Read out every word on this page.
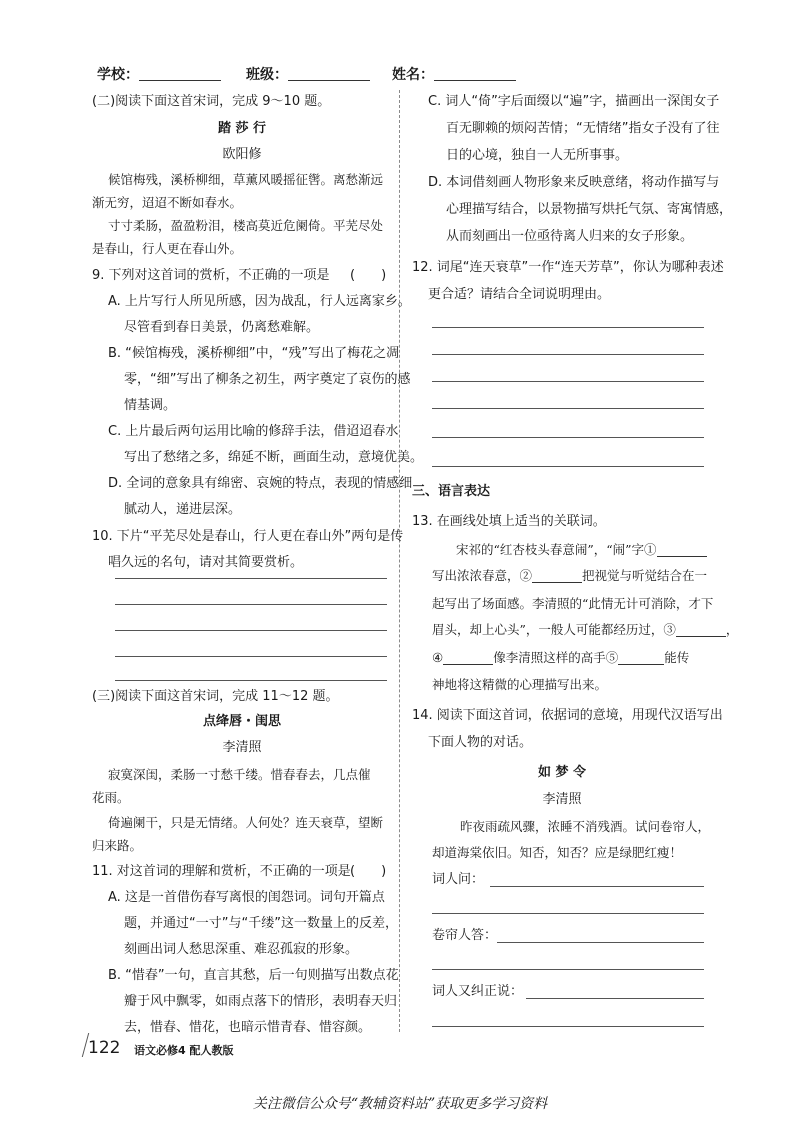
学校：	班级：	姓名：
(二)阅读下面这首宋词，完成 9～10 题。
踏 莎 行
欧阳修
候馆梅残，溪桥柳细，草薰风暖摇征辔。离愁渐远
渐无穷，迢迢不断如春水。
寸寸柔肠，盈盈粉泪，楼高莫近危阑倚。平芜尽处
是春山，行人更在春山外。
9. 下列对这首词的赏析，不正确的一项是 (　　)
A. 上片写行人所见所感，因为战乱，行人远离家乡。
尽管看到春日美景，仍离愁难解。
B. “候馆梅残，溪桥柳细”中，“残”写出了梅花之凋
零，“细”写出了柳条之初生，两字奠定了哀伤的感
情基调。
C. 上片最后两句运用比喻的修辞手法，借迢迢春水
写出了愁绪之多，绵延不断，画面生动，意境优美。
D. 全词的意象具有绵密、哀婉的特点，表现的情感细
腻动人，递进层深。
10. 下片“平芜尽处是春山，行人更在春山外”两句是传
唱久远的名句，请对其简要赏析。
(三)阅读下面这首宋词，完成 11～12 题。
点绛唇・闺思
李清照
寂寞深闺，柔肠一寸愁千缕。惜春春去，几点催
花雨。
倚遍阑干，只是无情绪。人何处？连天衰草，望断
归来路。
11. 对这首词的理解和赏析，不正确的一项是 (　　)
A. 这是一首借伤春写离恨的闺怨词。词句开篇点
题，并通过“一寸”与“千缕”这一数量上的反差，
刻画出词人愁思深重、难忍孤寂的形象。
B. “惜春”一句，直言其愁，后一句则描写出数点花
瓣于风中飘零，如雨点落下的情形，表明春天归
去，惜春、惜花，也暗示惜青春、惜容颜。
C. 词人“倚”字后面缀以“遍”字，描画出一深闺女子
百无聊赖的烦闷苦情；“无情绪”指女子没有了往
日的心境，独自一人无所事事。
D. 本词借刻画人物形象来反映意绪，将动作描写与
心理描写结合，以景物描写烘托气氛、寄寓情感，
从而刻画出一位亟待离人归来的女子形象。
12. 词尾“连天衰草”一作“连天芳草”，你认为哪种表述
更合适？请结合全词说明理由。
三、语言表达
13. 在画线处填上适当的关联词。
宋祁的“红杏枝头春意闹”，“闹”字①
写出浓浓春意，②	把视觉与听觉结合在一
起写出了场面感。李清照的“此情无计可消除，才下
眉头，却上心头”，一般人可能都经历过，③	，
④	像李清照这样的高手⑤	能传
神地将这精微的心理描写出来。
14. 阅读下面这首词，依据词的意境，用现代汉语写出
下面人物的对话。
如 梦 令
李清照
昨夜雨疏风骤，浓睡不消残酒。试问卷帘人，
却道海棠依旧。知否，知否？应是绿肥红瘦！
词人问：
卷帘人答：
词人又纠正说：
122 语文必修4 配人教版
关注微信公众号“教辅资料站”获取更多学习资料
